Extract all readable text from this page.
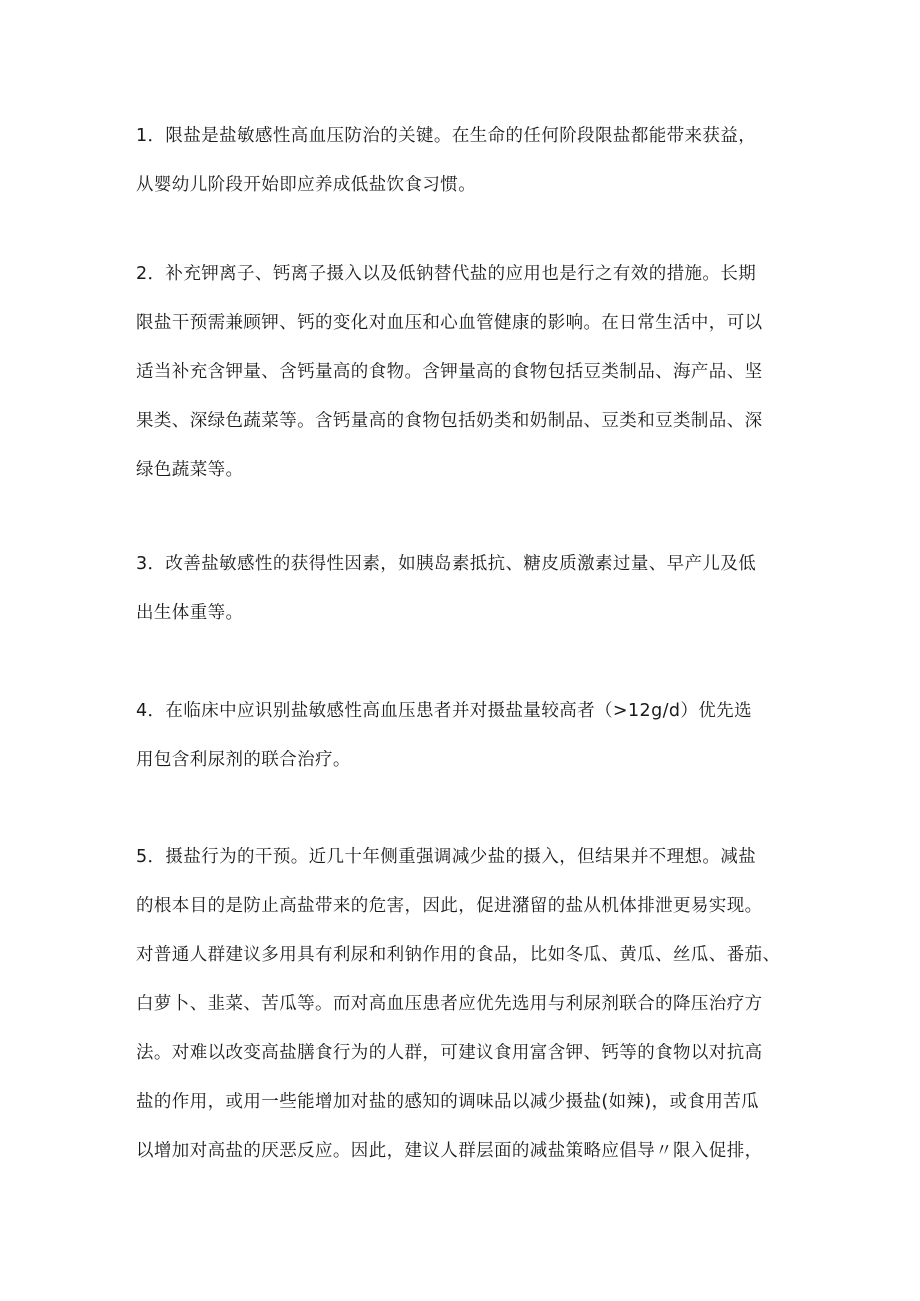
1．限盐是盐敏感性高血压防治的关键。在生命的任何阶段限盐都能带来获益，
从婴幼儿阶段开始即应养成低盐饮食习惯。
2．补充钾离子、钙离子摄入以及低钠替代盐的应用也是行之有效的措施。长期
限盐干预需兼顾钾、钙的变化对血压和心血管健康的影响。在日常生活中，可以
适当补充含钾量、含钙量高的食物。含钾量高的食物包括豆类制品、海产品、坚
果类、深绿色蔬菜等。含钙量高的食物包括奶类和奶制品、豆类和豆类制品、深
绿色蔬菜等。
3．改善盐敏感性的获得性因素，如胰岛素抵抗、糖皮质激素过量、早产儿及低
出生体重等。
4．在临床中应识别盐敏感性高血压患者并对摄盐量较高者（>12g/d）优先选
用包含利尿剂的联合治疗。
5．摄盐行为的干预。近几十年侧重强调减少盐的摄入，但结果并不理想。减盐
的根本目的是防止高盐带来的危害，因此，促进潴留的盐从机体排泄更易实现。
对普通人群建议多用具有利尿和利钠作用的食品，比如冬瓜、黄瓜、丝瓜、番茄、
白萝卜、韭菜、苦瓜等。而对高血压患者应优先选用与利尿剂联合的降压治疗方
法。对难以改变高盐膳食行为的人群，可建议食用富含钾、钙等的食物以对抗高
盐的作用，或用一些能增加对盐的感知的调味品以减少摄盐(如辣)，或食用苦瓜
以增加对高盐的厌恶反应。因此，建议人群层面的减盐策略应倡导〃限入促排，
